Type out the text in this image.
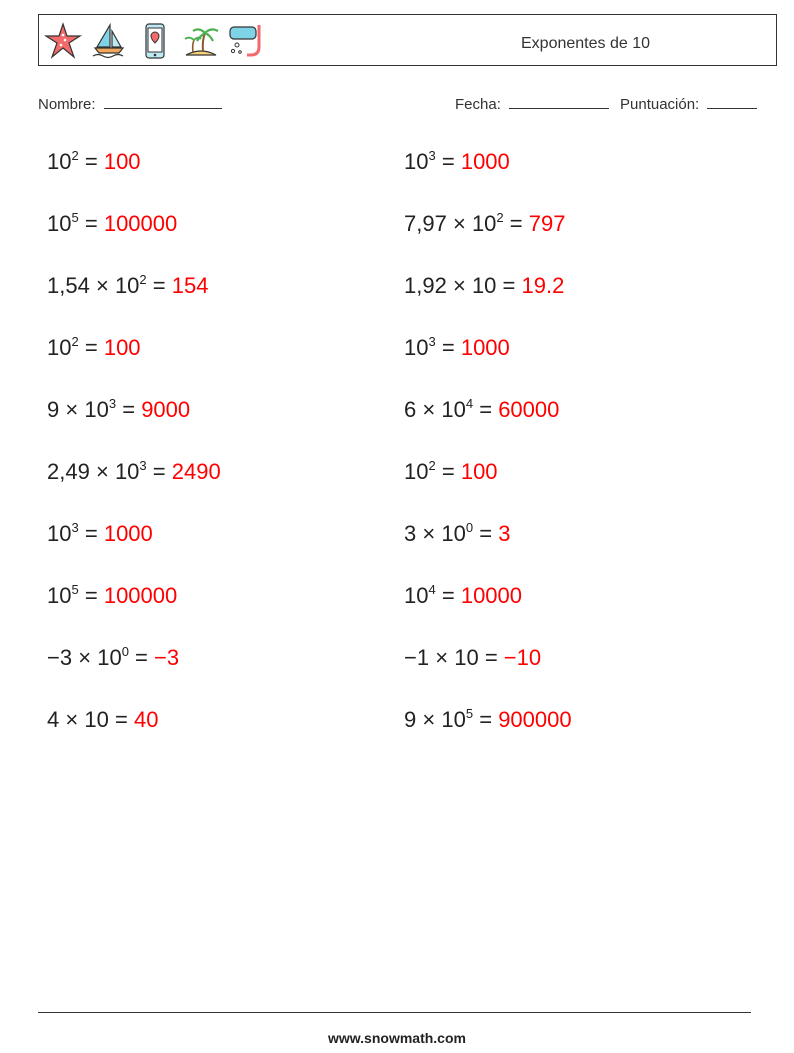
Exponentes de 10
Nombre:	Fecha:	Puntuación:
$10^2 = 100$	$10^3 = 1000$
$10^5 = 100000$	$7,97 \times 10^2 = 797$
$1,54 \times 10^2 = 154$	1,92 × 10 = 19.2
$10^2 = 100$	$10^3 = 1000$
$9 \times 10^3 = 9000$	$6 \times 10^4 = 60000$
$2,49 \times 10^3 = 2490$	$10^2 = 100$
$10^3 = 1000$	$3 \times 10^0 = 3$
$10^5 = 100000$	$10^4 = 10000$
$-3 \times 10^0 = -3$	−1 × 10 = −10
4 × 10 = 40	$9 \times 10^5 = 900000$
www.snowmath.com
